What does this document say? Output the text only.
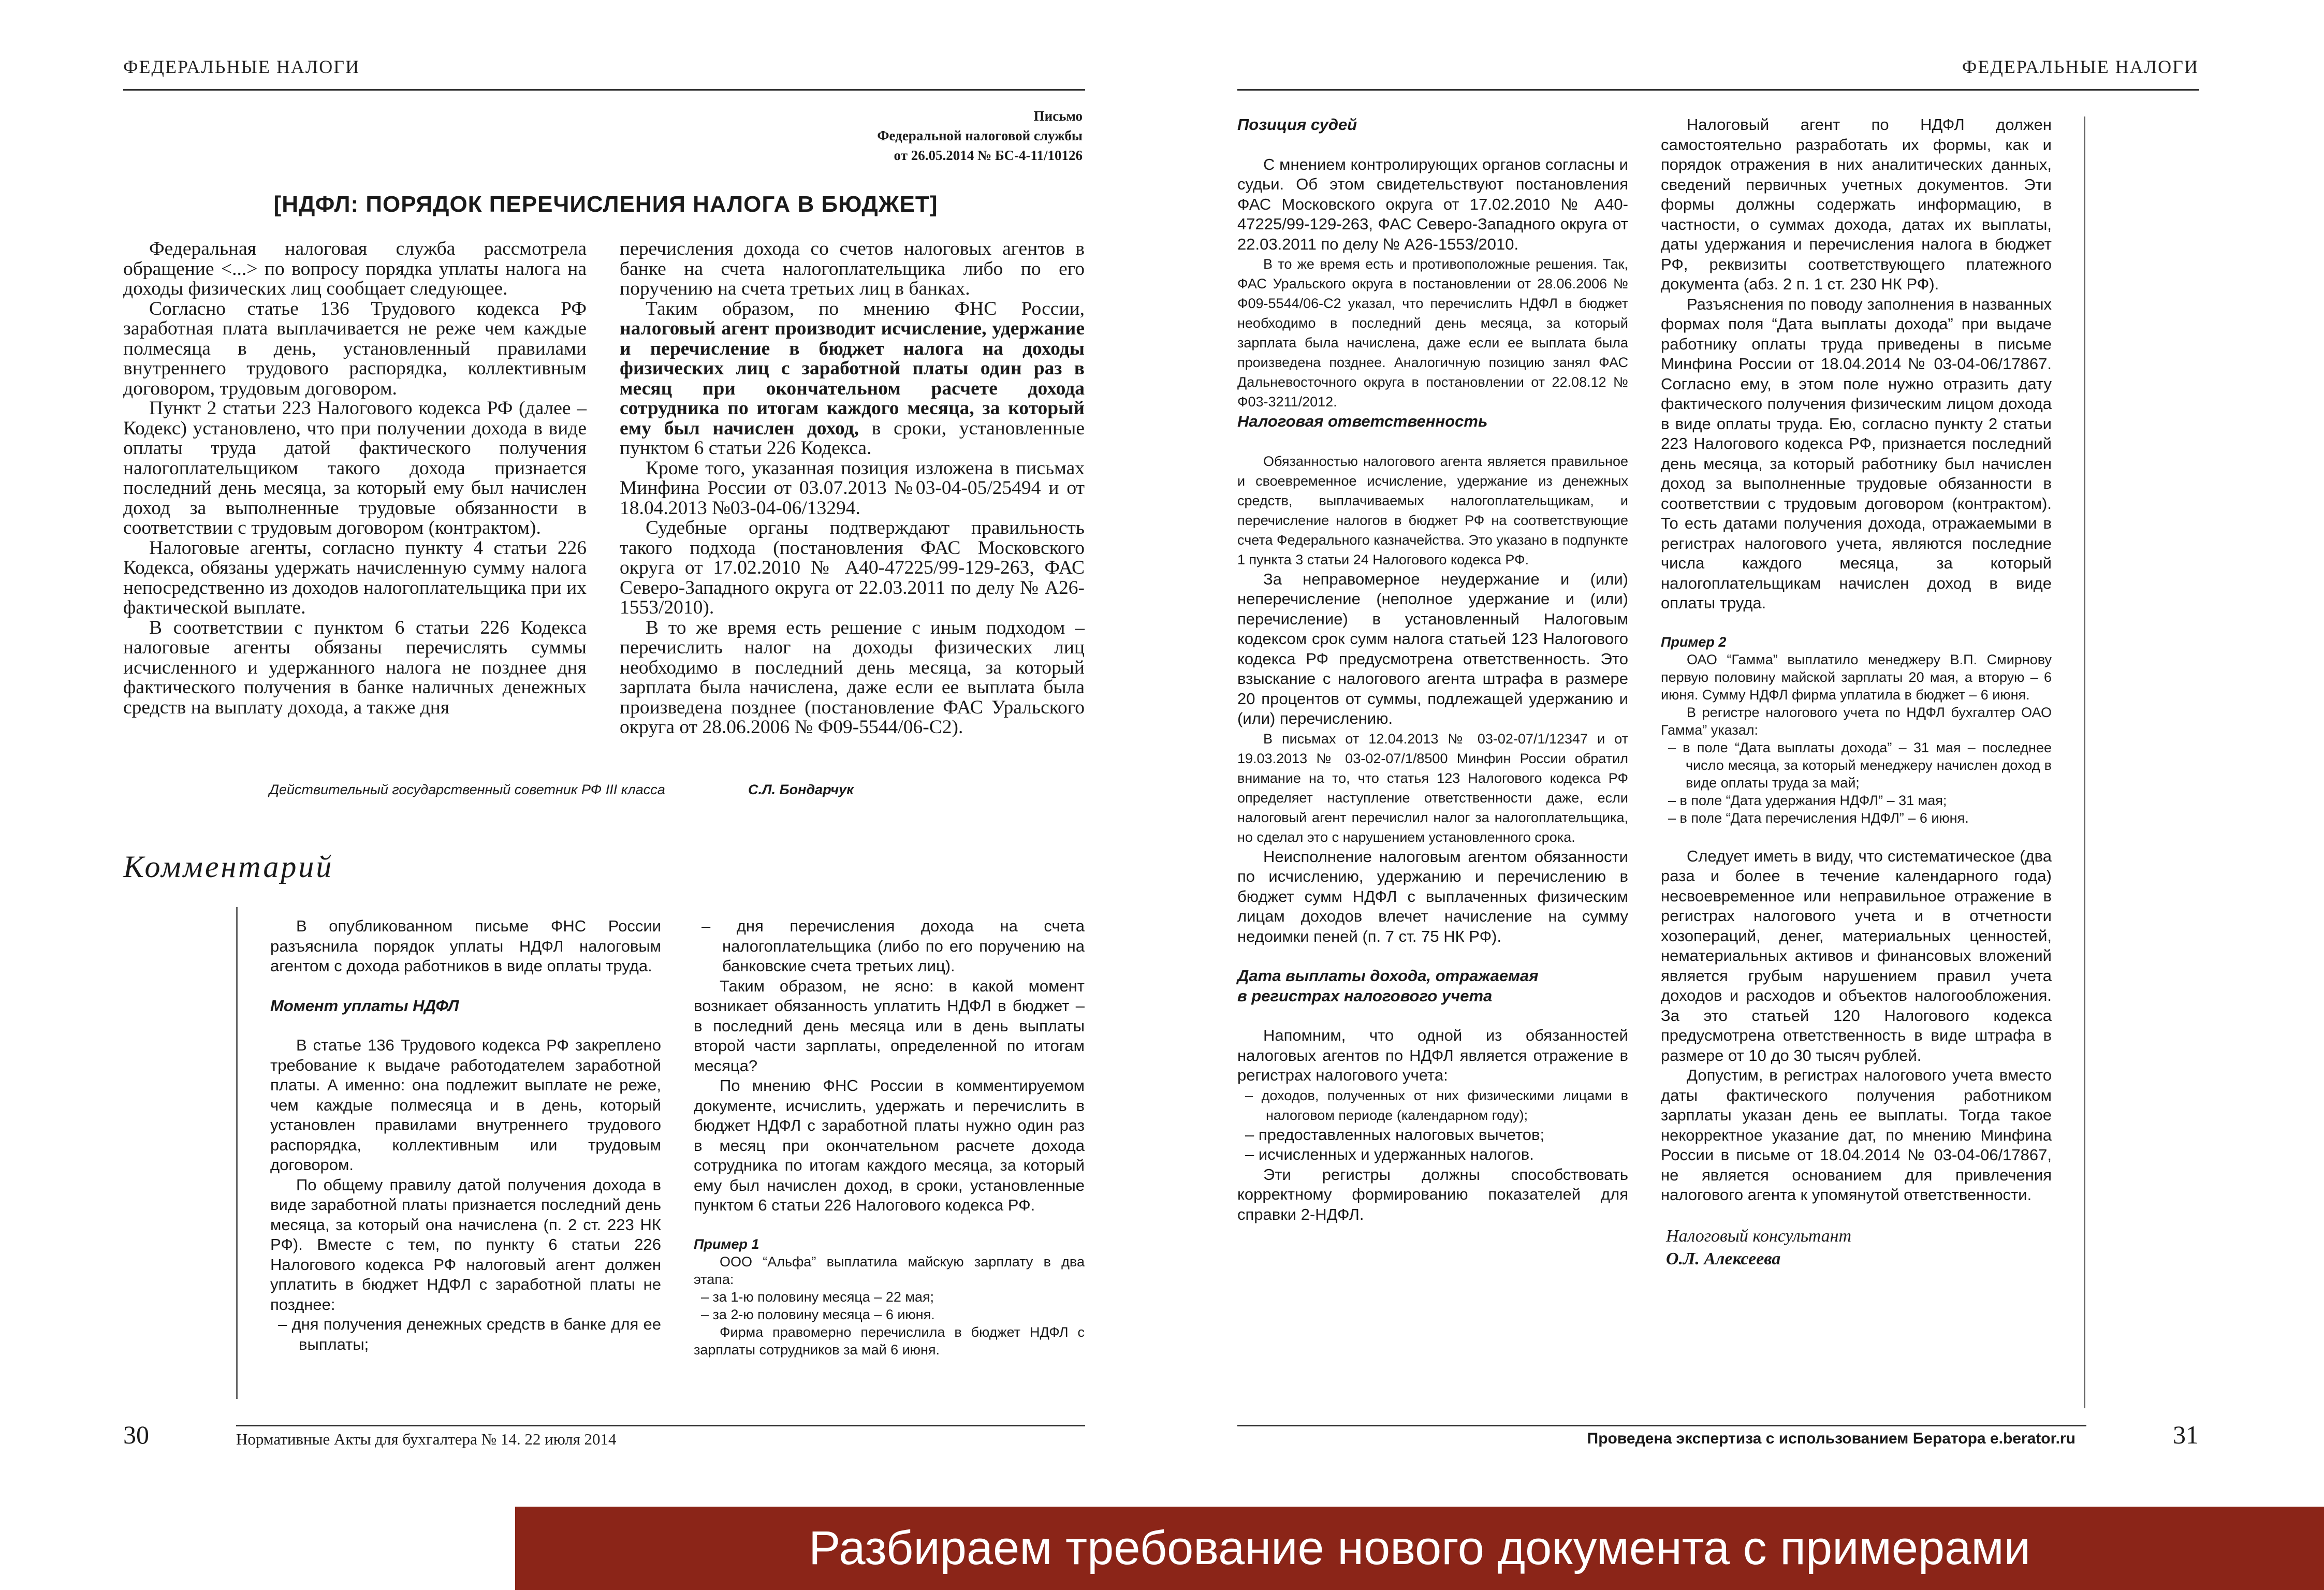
ФЕДЕРАЛЬНЫЕ НАЛОГИ	ФЕДЕРАЛЬНЫЕ НАЛОГИ
Письмо
Федеральной налоговой службы
от 26.05.2014 № БС-4-11/10126
[НДФЛ: ПОРЯДОК ПЕРЕЧИСЛЕНИЯ НАЛОГА В БЮДЖЕТ]

Федеральная налоговая служба рассмотрела обращение <...> по вопросу порядка уплаты налога на доходы физических лиц сообщает следующее.

Согласно статье 136 Трудового кодекса РФ заработная плата выплачивается не реже чем каждые полмесяца в день, установленный правилами внутреннего трудового распорядка, коллективным договором, трудовым договором.

Пункт 2 статьи 223 Налогового кодекса РФ (далее – Кодекс) установлено, что при получении дохода в виде оплаты труда датой фактического получения налогоплательщиком такого дохода признается последний день месяца, за который ему был начислен доход за выполненные трудовые обязанности в соответствии с трудовым договором (контрактом).

Налоговые агенты, согласно пункту 4 статьи 226 Кодекса, обязаны удержать начисленную сумму налога непосредственно из доходов налогоплательщика при их фактической выплате.

В соответствии с пунктом 6 статьи 226 Кодекса налоговые агенты обязаны перечислять суммы исчисленного и удержанного налога не позднее дня фактического получения в банке наличных денежных средств на выплату дохода, а также дня

перечисления дохода со счетов налоговых агентов в банке на счета налогоплательщика либо по его поручению на счета третьих лиц в банках.

Таким образом, по мнению ФНС России, налоговый агент производит исчисление, удержание и перечисление в бюджет налога на доходы физических лиц с заработной платы один раз в месяц при окончательном расчете дохода сотрудника по итогам каждого месяца, за который ему был начислен доход, в сроки, установленные пунктом 6 статьи 226 Кодекса.

Кроме того, указанная позиция изложена в письмах Минфина России от 03.07.2013 №03-04-05/25494 и от 18.04.2013 №03-04-06/13294.

Судебные органы подтверждают правильность такого подхода (постановления ФАС Московского округа от 17.02.2010 № А40-47225/99-129-263, ФАС Северо-Западного округа от 22.03.2011 по делу № А26-1553/2010).

В то же время есть решение с иным подходом – перечислить налог на доходы физических лиц необходимо в последний день месяца, за который зарплата была начислена, даже если ее выплата была произведена позднее (постановление ФАС Уральского округа от 28.06.2006 № Ф09-5544/06-С2).

Действительный государственный советник РФ III класса	С.Л. Бондарчук
Комментарий

В опубликованном письме ФНС России разъяснила порядок уплаты НДФЛ налоговым агентом с дохода работников в виде оплаты труда.

Момент уплаты НДФЛ

В статье 136 Трудового кодекса РФ закреплено требование к выдаче работодателем заработной платы. А именно: она подлежит выплате не реже, чем каждые полмесяца и в день, который установлен правилами внутреннего трудового распорядка, коллективным или трудовым договором.

По общему правилу датой получения дохода в виде заработной платы признается последний день месяца, за который она начислена (п. 2 ст. 223 НК РФ). Вместе с тем, по пункту 6 статьи 226 Налогового кодекса РФ налоговый агент должен уплатить в бюджет НДФЛ с заработной платы не позднее:

– дня получения денежных средств в банке для ее выплаты;

– дня перечисления дохода на счета налогоплательщика (либо по его поручению на банковские счета третьих лиц).

Таким образом, не ясно: в какой момент возникает обязанность уплатить НДФЛ в бюджет – в последний день месяца или в день выплаты второй части зарплаты, определенной по итогам месяца?

По мнению ФНС России в комментируемом документе, исчислить, удержать и перечислить в бюджет НДФЛ с заработной платы нужно один раз в месяц при окончательном расчете дохода сотрудника по итогам каждого месяца, за который ему был начислен доход, в сроки, установленные пунктом 6 статьи 226 Налогового кодекса РФ.

Пример 1

ООО “Альфа” выплатила майскую зарплату в два этапа:

– за 1-ю половину месяца – 22 мая;

– за 2-ю половину месяца – 6 июня.

Фирма правомерно перечислила в бюджет НДФЛ с зарплаты сотрудников за май 6 июня.

Позиция судей

С мнением контролирующих органов согласны и судьи. Об этом свидетельствуют постановления ФАС Московского округа от 17.02.2010 № А40-47225/99-129-263, ФАС Северо-Западного округа от 22.03.2011 по делу № А26-1553/2010.

В то же время есть и противоположные решения. Так, ФАС Уральского округа в постановлении от 28.06.2006 № Ф09-5544/06-С2 указал, что перечислить НДФЛ в бюджет необходимо в последний день месяца, за который зарплата была начислена, даже если ее выплата была произведена позднее. Аналогичную позицию занял ФАС Дальневосточного округа в постановлении от 22.08.12 № Ф03-3211/2012.

Налоговая ответственность

Обязанностью налогового агента является правильное и своевременное исчисление, удержание из денежных средств, выплачиваемых налогоплательщикам, и перечисление налогов в бюджет РФ на соответствующие счета Федерального казначейства. Это указано в подпункте 1 пункта 3 статьи 24 Налогового кодекса РФ.

За неправомерное неудержание и (или) неперечисление (неполное удержание и (или) перечисление) в установленный Налоговым кодексом срок сумм налога статьей 123 Налогового кодекса РФ предусмотрена ответственность. Это взыскание с налогового агента штрафа в размере 20 процентов от суммы, подлежащей удержанию и (или) перечислению.

В письмах от 12.04.2013 № 03-02-07/1/12347 и от 19.03.2013 № 03-02-07/1/8500 Минфин России обратил внимание на то, что статья 123 Налогового кодекса РФ определяет наступление ответственности даже, если налоговый агент перечислил налог за налогоплательщика, но сделал это с нарушением установленного срока.

Неисполнение налоговым агентом обязанности по исчислению, удержанию и перечислению в бюджет сумм НДФЛ с выплаченных физическим лицам доходов влечет начисление на сумму недоимки пеней (п. 7 ст. 75 НК РФ).

Дата выплаты дохода, отражаемая

в регистрах налогового учета

Напомним, что одной из обязанностей налоговых агентов по НДФЛ является отражение в регистрах налогового учета:

– доходов, полученных от них физическими лицами в налоговом периоде (календарном году);

– предоставленных налоговых вычетов;

– исчисленных и удержанных налогов.

Эти регистры должны способствовать корректному формированию показателей для справки 2-НДФЛ.

Налоговый агент по НДФЛ должен самостоятельно разработать их формы, как и порядок отражения в них аналитических данных, сведений первичных учетных документов. Эти формы должны содержать информацию, в частности, о суммах дохода, датах их выплаты, даты удержания и перечисления налога в бюджет РФ, реквизиты соответствующего платежного документа (абз. 2 п. 1 ст. 230 НК РФ).

Разъяснения по поводу заполнения в названных формах поля “Дата выплаты дохода” при выдаче работнику оплаты труда приведены в письме Минфина России от 18.04.2014 № 03-04-06/17867. Согласно ему, в этом поле нужно отразить дату фактического получения физическим лицом дохода в виде оплаты труда. Ею, согласно пункту 2 статьи 223 Налогового кодекса РФ, признается последний день месяца, за который работнику был начислен доход за выполненные трудовые обязанности в соответствии с трудовым договором (контрактом). То есть датами получения дохода, отражаемыми в регистрах налогового учета, являются последние числа каждого месяца, за который налогоплательщикам начислен доход в виде оплаты труда.

Пример 2

ОАО “Гамма” выплатило менеджеру В.П. Смирнову первую половину майской зарплаты 20 мая, а вторую – 6 июня. Сумму НДФЛ фирма уплатила в бюджет – 6 июня.

В регистре налогового учета по НДФЛ бухгалтер ОАО Гамма” указал:

– в поле “Дата выплаты дохода” – 31 мая – последнее число месяца, за который менеджеру начислен доход в виде оплаты труда за май;

– в поле “Дата удержания НДФЛ” – 31 мая;

– в поле “Дата перечисления НДФЛ” – 6 июня.

Следует иметь в виду, что систематическое (два раза и более в течение календарного года) несвоевременное или неправильное отражение в регистрах налогового учета и в отчетности хозопераций, денег, материальных ценностей, нематериальных активов и финансовых вложений является грубым нарушением правил учета доходов и расходов и объектов налогообложения. За это статьей 120 Налогового кодекса предусмотрена ответственность в виде штрафа в размере от 10 до 30 тысяч рублей.

Допустим, в регистрах налогового учета вместо даты фактического получения работником зарплаты указан день ее выплаты. Тогда такое некорректное указание дат, по мнению Минфина России в письме от 18.04.2014 № 03-04-06/17867, не является основанием для привлечения налогового агента к упомянутой ответственности.

Налоговый консультант
О.Л. Алексеева
30	31
Нормативные Акты для бухгалтера № 14. 22 июля 2014	Проведена экспертиза с использованием Бератора e.berator.ru
Разбираем требование нового документа с примерами
